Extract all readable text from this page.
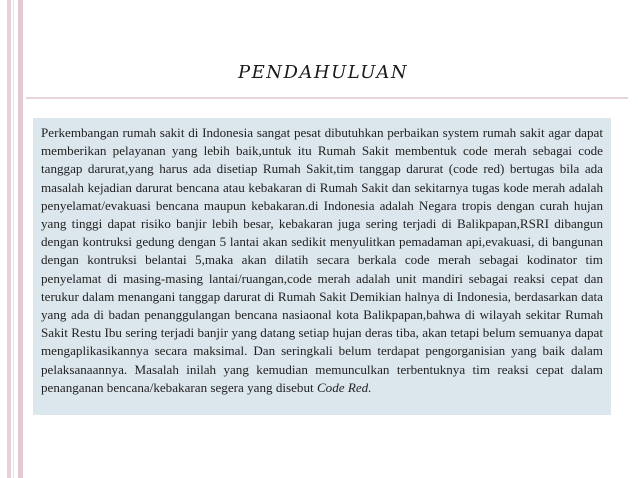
PENDAHULUAN

Perkembangan rumah sakit di Indonesia sangat pesat dibutuhkan perbaikan system rumah sakit agar dapat memberikan pelayanan yang lebih baik,untuk itu Rumah Sakit membentuk code merah sebagai code tanggap darurat,yang harus ada disetiap Rumah Sakit,tim tanggap darurat (code red) bertugas bila ada masalah kejadian darurat bencana atau kebakaran di Rumah Sakit dan sekitarnya tugas kode merah adalah penyelamat/evakuasi bencana maupun kebakaran.di Indonesia adalah Negara tropis dengan curah hujan yang tinggi dapat risiko banjir lebih besar, kebakaran juga sering terjadi di Balikpapan,RSRI dibangun dengan kontruksi gedung dengan 5 lantai akan sedikit menyulitkan pemadaman api,evakuasi, di bangunan dengan kontruksi belantai 5,maka akan dilatih secara berkala code merah sebagai kodinator tim penyelamat di masing-masing lantai/ruangan,code merah adalah unit mandiri sebagai reaksi cepat dan terukur dalam menangani tanggap darurat di Rumah Sakit Demikian halnya di Indonesia, berdasarkan data yang ada di badan penanggulangan bencana nasiaonal kota Balikpapan,bahwa di wilayah sekitar Rumah Sakit Restu Ibu sering terjadi banjir yang datang setiap hujan deras tiba, akan tetapi belum semuanya dapat mengaplikasikannya secara maksimal. Dan seringkali belum terdapat pengorganisian yang baik dalam pelaksanaannya. Masalah inilah yang kemudian memunculkan terbentuknya tim reaksi cepat dalam penanganan bencana/kebakaran segera yang disebut Code Red.
